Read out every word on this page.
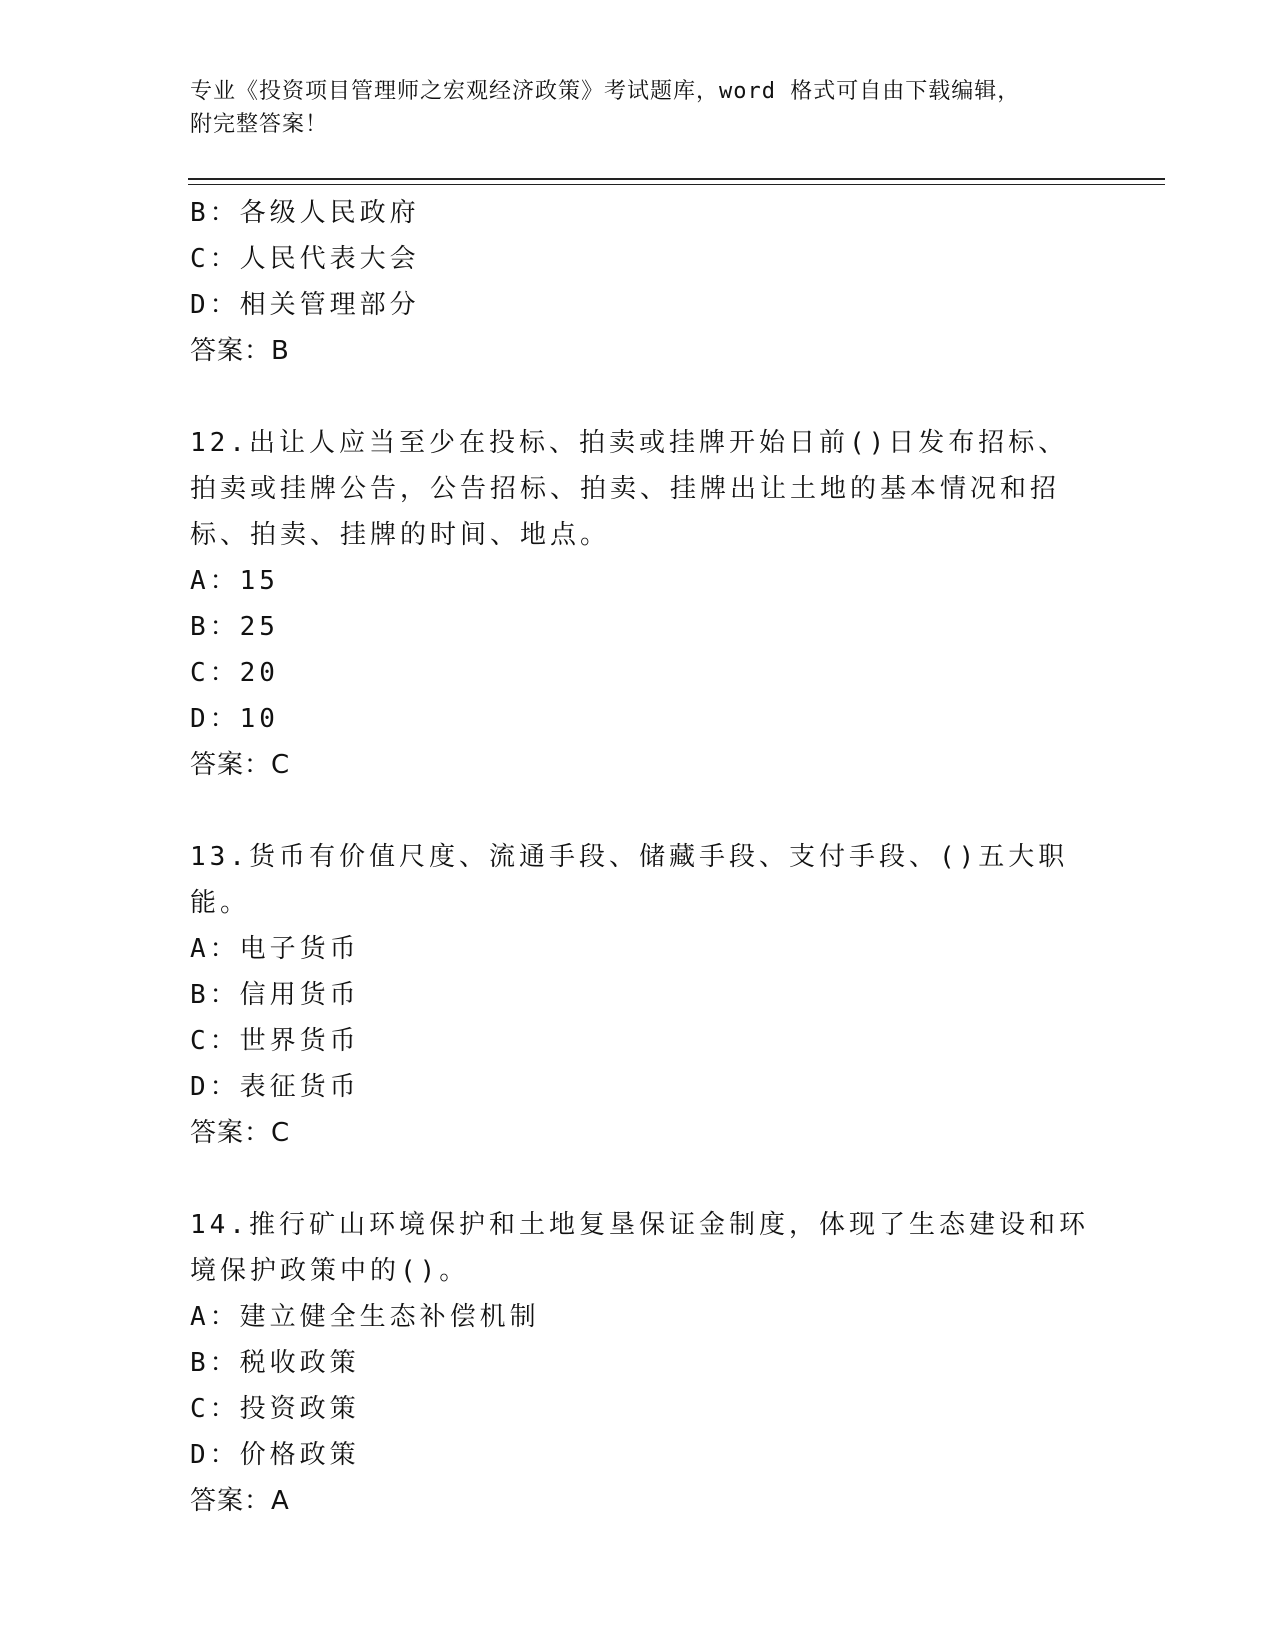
专业《投资项目管理师之宏观经济政策》考试题库，word 格式可自由下载编辑，
附完整答案！
B：各级人民政府
C：人民代表大会
D：相关管理部分
答案：B
12.出让人应当至少在投标、拍卖或挂牌开始日前()日发布招标、拍卖或挂牌公告，公告招标、拍卖、挂牌出让土地的基本情况和招标、拍卖、挂牌的时间、地点。
A：15
B：25
C：20
D：10
答案：C
13.货币有价值尺度、流通手段、储藏手段、支付手段、()五大职能。
A：电子货币
B：信用货币
C：世界货币
D：表征货币
答案：C
14.推行矿山环境保护和土地复垦保证金制度，体现了生态建设和环境保护政策中的()。
A：建立健全生态补偿机制
B：税收政策
C：投资政策
D：价格政策
答案：A
